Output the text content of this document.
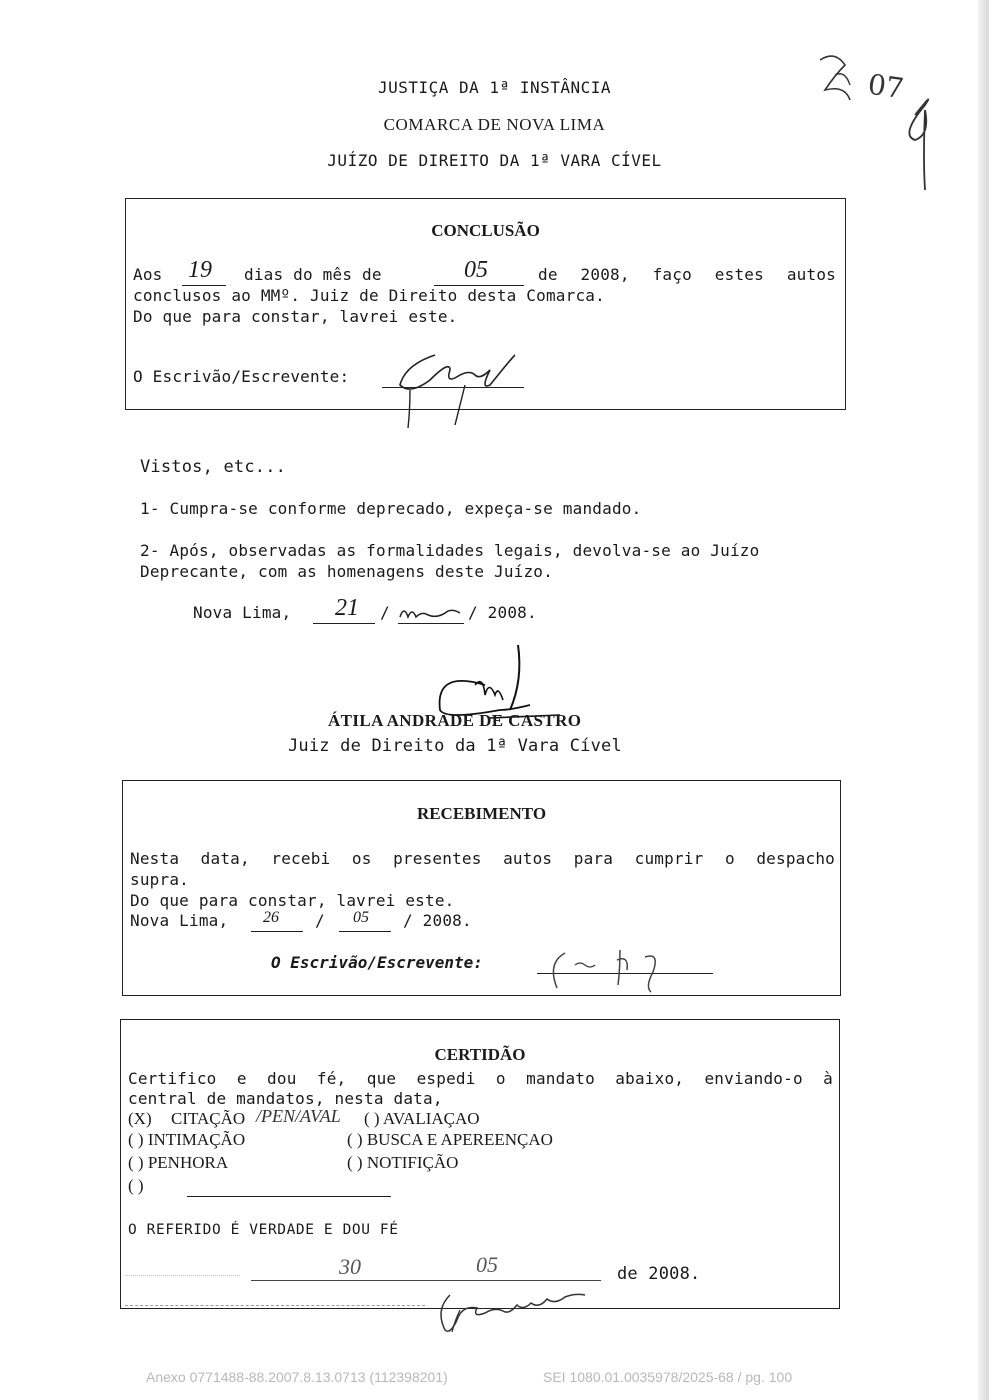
JUSTIÇA DA 1ª INSTÂNCIA
COMARCA DE NOVA LIMA
JUÍZO DE DIREITO DA 1ª VARA CÍVEL
07
CONCLUSÃO
Aos 19 dias do mês de	05	de 2008, faço estes autos
conclusos ao MMº. Juiz de Direito desta Comarca.
Do que para constar, lavrei este.
O Escrivão/Escrevente:
Vistos, etc...
1- Cumpra-se conforme deprecado, expeça-se mandado.
2- Após, observadas as formalidades legais, devolva-se ao Juízo
Deprecante, com as homenagens deste Juízo.
Nova Lima, 21 /	/ 2008.
ÁTILA ANDRADE DE CASTRO
Juiz de Direito da 1ª Vara Cível
RECEBIMENTO
Nesta data, recebi os presentes autos para cumprir o despacho
supra.
Do que para constar, lavrei este.
Nova Lima, 26 / 05 / 2008.
O Escrivão/Escrevente:
CERTIDÃO
Certifico e dou fé, que espedi o mandato abaixo, enviando-o à
central de mandatos, nesta data,
(X) CITAÇÃO /PEN/AVAL ( ) AVALIAÇAO
( ) INTIMAÇÃO	( ) BUSCA E APEREENÇAO
( ) PENHORA	( ) NOTIFIÇÃO
( )
O REFERIDO É VERDADE E DOU FÉ
30	05	de 2008.
Anexo 0771488-88.2007.8.13.0713 (112398201)	SEI 1080.01.0035978/2025-68 / pg. 100
